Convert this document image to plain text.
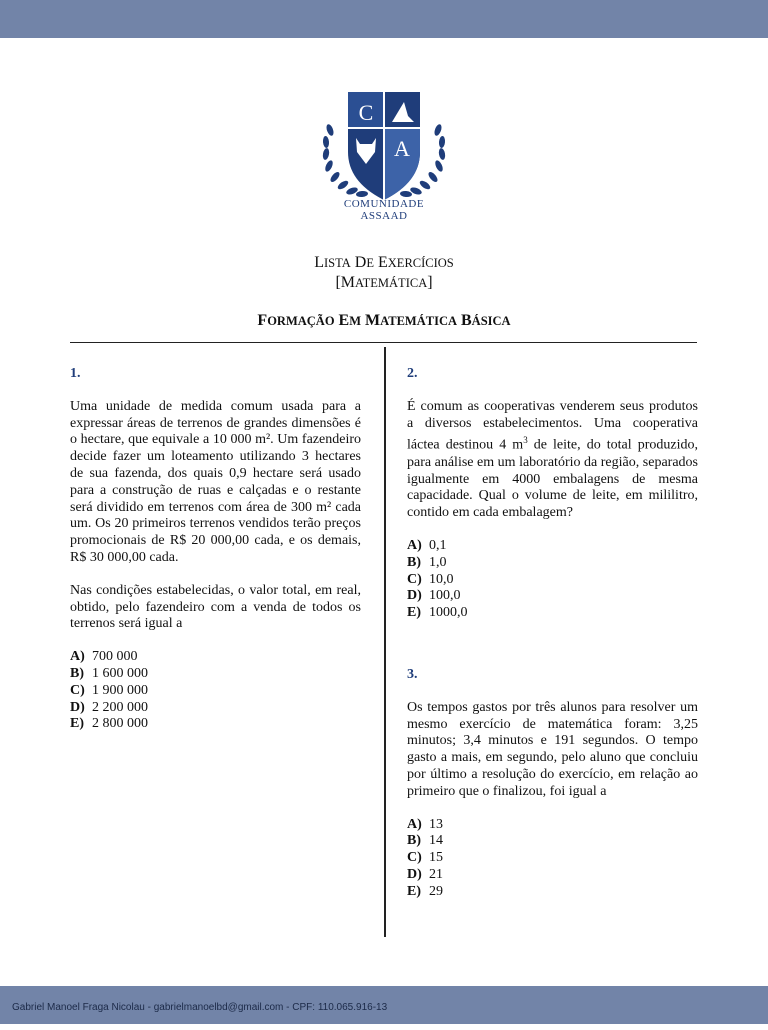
C
A
COMUNIDADE
ASSAAD
LISTA DE EXERCÍCIOS
[MATEMÁTICA]
FORMAÇÃO EM MATEMÁTICA BÁSICA

1.

Uma unidade de medida comum usada para a expressar áreas de terrenos de grandes dimensões é o hectare, que equivale a 10 000 m². Um fazendeiro decide fazer um loteamento utilizando 3 hectares de sua fazenda, dos quais 0,9 hectare será usado para a construção de ruas e calçadas e o restante será dividido em terrenos com área de 300 m² cada um. Os 20 primeiros terrenos vendidos terão preços promocionais de R$ 20 000,00 cada, e os demais, R$ 30 000,00 cada.

Nas condições estabelecidas, o valor total, em real, obtido, pelo fazendeiro com a venda de todos os terrenos será igual a

A) 700 000
B) 1 600 000
C) 1 900 000
D) 2 200 000
E) 2 800 000

2.

É comum as cooperativas venderem seus produtos a diversos estabelecimentos. Uma cooperativa láctea destinou 4 $m^3$ de leite, do total produzido, para análise em um laboratório da região, separados igualmente em 4000 embalagens de mesma capacidade. Qual o volume de leite, em mililitro, contido em cada embalagem?

A) 0,1
B) 1,0
C) 10,0
D) 100,0
E) 1000,0

3.

Os tempos gastos por três alunos para resolver um mesmo exercício de matemática foram: 3,25 minutos; 3,4 minutos e 191 segundos. O tempo gasto a mais, em segundo, pelo aluno que concluiu por último a resolução do exercício, em relação ao primeiro que o finalizou, foi igual a

A) 13
B) 14
C) 15
D) 21
E) 29
Gabriel Manoel Fraga Nicolau - gabrielmanoelbd@gmail.com - CPF: 110.065.916-13
